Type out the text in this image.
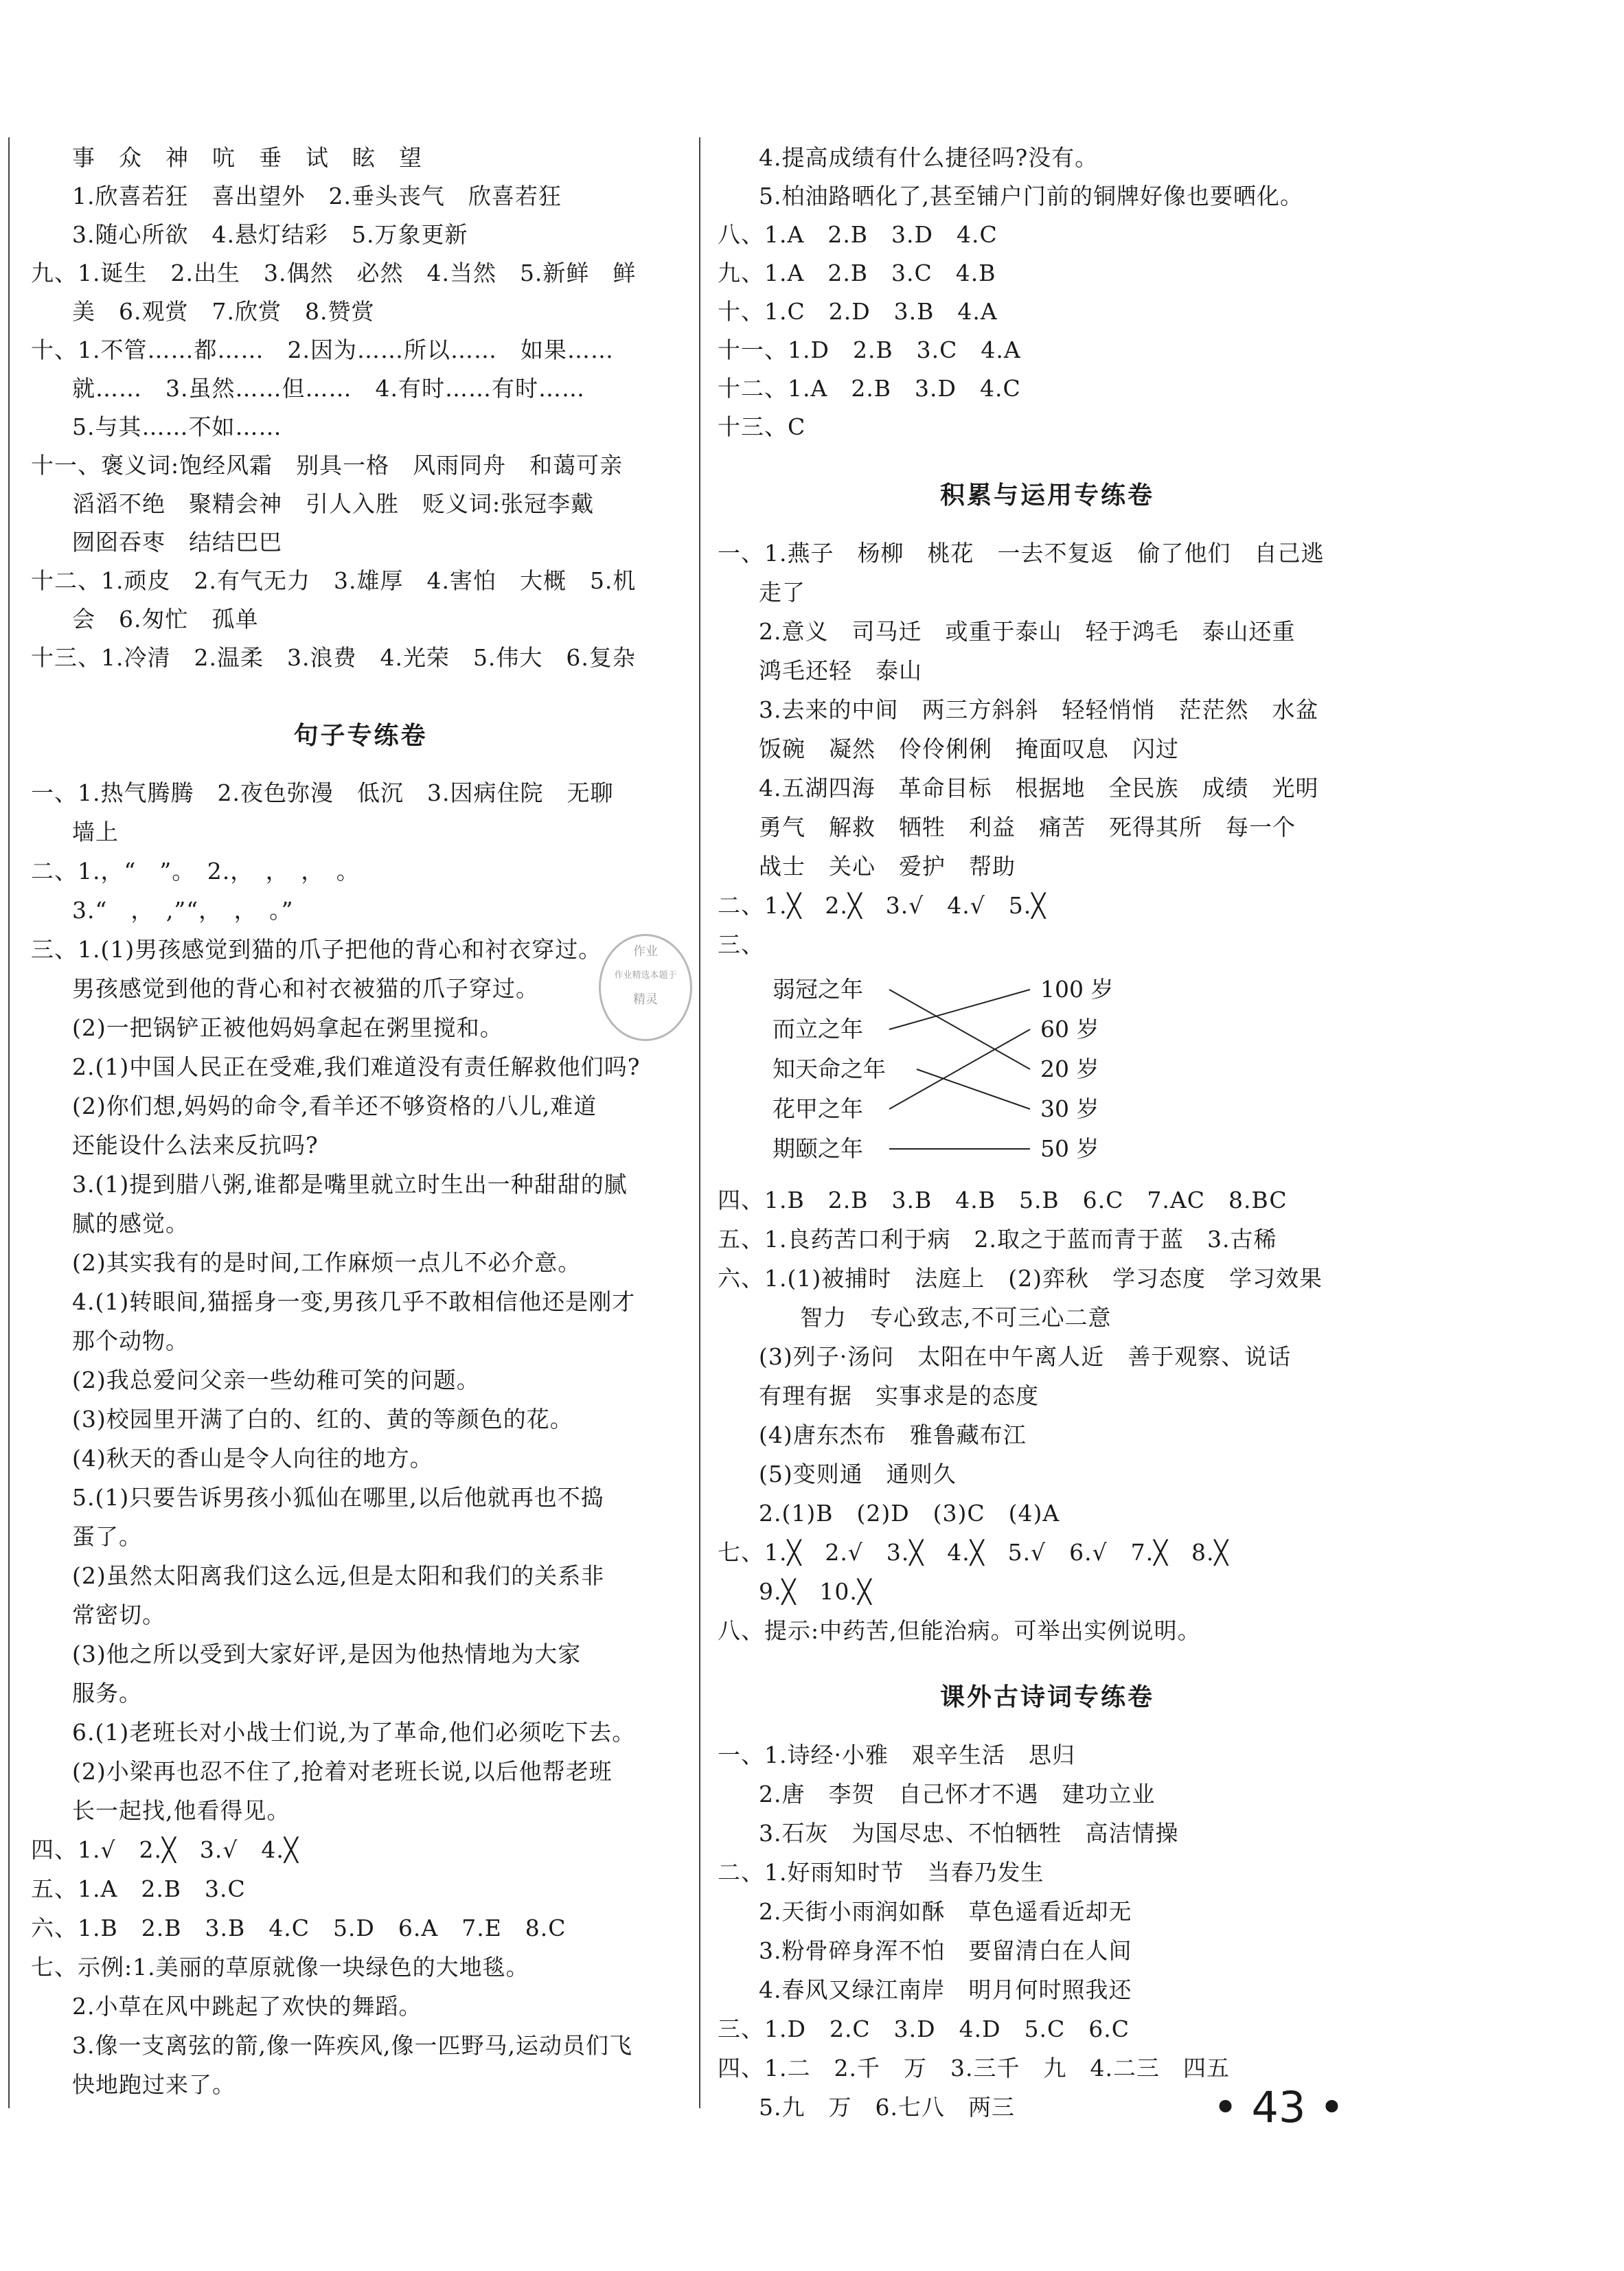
事　众　神　吭　垂　试　眩　望
1.欣喜若狂　喜出望外　2.垂头丧气　欣喜若狂
3.随心所欲　4.悬灯结彩　5.万象更新
九、1.诞生　2.出生　3.偶然　必然　4.当然　5.新鲜　鲜
美　6.观赏　7.欣赏　8.赞赏
十、1.不管……都……　2.因为……所以……　如果……
就……　3.虽然……但……　4.有时……有时……
5.与其……不如……
十一、褒义词:饱经风霜　别具一格　风雨同舟　和蔼可亲
滔滔不绝　聚精会神　引人入胜　贬义词:张冠李戴
囫囵吞枣　结结巴巴
十二、1.顽皮　2.有气无力　3.雄厚　4.害怕　大概　5.机
会　6.匆忙　孤单
十三、1.冷清　2.温柔　3.浪费　4.光荣　5.伟大　6.复杂
句子专练卷
一、1.热气腾腾　2.夜色弥漫　低沉　3.因病住院　无聊
墙上
二、1.，“　”。　2.，　，　，　。
3.“　，　,”“，　，　。”
三、1.(1)男孩感觉到猫的爪子把他的背心和衬衣穿过。
男孩感觉到他的背心和衬衣被猫的爪子穿过。
(2)一把锅铲正被他妈妈拿起在粥里搅和。
2.(1)中国人民正在受难,我们难道没有责任解救他们吗?
(2)你们想,妈妈的命令,看羊还不够资格的八儿,难道
还能设什么法来反抗吗?
3.(1)提到腊八粥,谁都是嘴里就立时生出一种甜甜的腻
腻的感觉。
(2)其实我有的是时间,工作麻烦一点儿不必介意。
4.(1)转眼间,猫摇身一变,男孩几乎不敢相信他还是刚才
那个动物。
(2)我总爱问父亲一些幼稚可笑的问题。
(3)校园里开满了白的、红的、黄的等颜色的花。
(4)秋天的香山是令人向往的地方。
5.(1)只要告诉男孩小狐仙在哪里,以后他就再也不捣
蛋了。
(2)虽然太阳离我们这么远,但是太阳和我们的关系非
常密切。
(3)他之所以受到大家好评,是因为他热情地为大家
服务。
6.(1)老班长对小战士们说,为了革命,他们必须吃下去。
(2)小梁再也忍不住了,抢着对老班长说,以后他帮老班
长一起找,他看得见。
四、1.√　2.╳　3.√　4.╳
五、1.A　2.B　3.C
六、1.B　2.B　3.B　4.C　5.D　6.A　7.E　8.C
七、示例:1.美丽的草原就像一块绿色的大地毯。
2.小草在风中跳起了欢快的舞蹈。
3.像一支离弦的箭,像一阵疾风,像一匹野马,运动员们飞
快地跑过来了。
作业
作业精选本题于
精灵
4.提高成绩有什么捷径吗?没有。
5.柏油路晒化了,甚至铺户门前的铜牌好像也要晒化。
八、1.A　2.B　3.D　4.C
九、1.A　2.B　3.C　4.B
十、1.C　2.D　3.B　4.A
十一、1.D　2.B　3.C　4.A
十二、1.A　2.B　3.D　4.C
十三、C
积累与运用专练卷
一、1.燕子　杨柳　桃花　一去不复返　偷了他们　自己逃
走了
2.意义　司马迁　或重于泰山　轻于鸿毛　泰山还重
鸿毛还轻　泰山
3.去来的中间　两三方斜斜　轻轻悄悄　茫茫然　水盆
饭碗　凝然　伶伶俐俐　掩面叹息　闪过
4.五湖四海　革命目标　根据地　全民族　成绩　光明
勇气　解救　牺牲　利益　痛苦　死得其所　每一个
战士　关心　爱护　帮助
二、1.╳　2.╳　3.√　4.√　5.╳
三、
弱冠之年
而立之年
知天命之年
花甲之年
期颐之年
100 岁
60 岁
20 岁
30 岁
50 岁
四、1.B　2.B　3.B　4.B　5.B　6.C　7.AC　8.BC
五、1.良药苦口利于病　2.取之于蓝而青于蓝　3.古稀
六、1.(1)被捕时　法庭上　(2)弈秋　学习态度　学习效果
智力　专心致志,不可三心二意
(3)列子·汤问　太阳在中午离人近　善于观察、说话
有理有据　实事求是的态度
(4)唐东杰布　雅鲁藏布江
(5)变则通　通则久
2.(1)B　(2)D　(3)C　(4)A
七、1.╳　2.√　3.╳　4.╳　5.√　6.√　7.╳　8.╳
9.╳　10.╳
八、提示:中药苦,但能治病。可举出实例说明。
课外古诗词专练卷
一、1.诗经·小雅　艰辛生活　思归
2.唐　李贺　自己怀才不遇　建功立业
3.石灰　为国尽忠、不怕牺牲　高洁情操
二、1.好雨知时节　当春乃发生
2.天街小雨润如酥　草色遥看近却无
3.粉骨碎身浑不怕　要留清白在人间
4.春风又绿江南岸　明月何时照我还
三、1.D　2.C　3.D　4.D　5.C　6.C
四、1.二　2.千　万　3.三千　九　4.二三　四五
5.九　万　6.七八　两三	• 43 •
